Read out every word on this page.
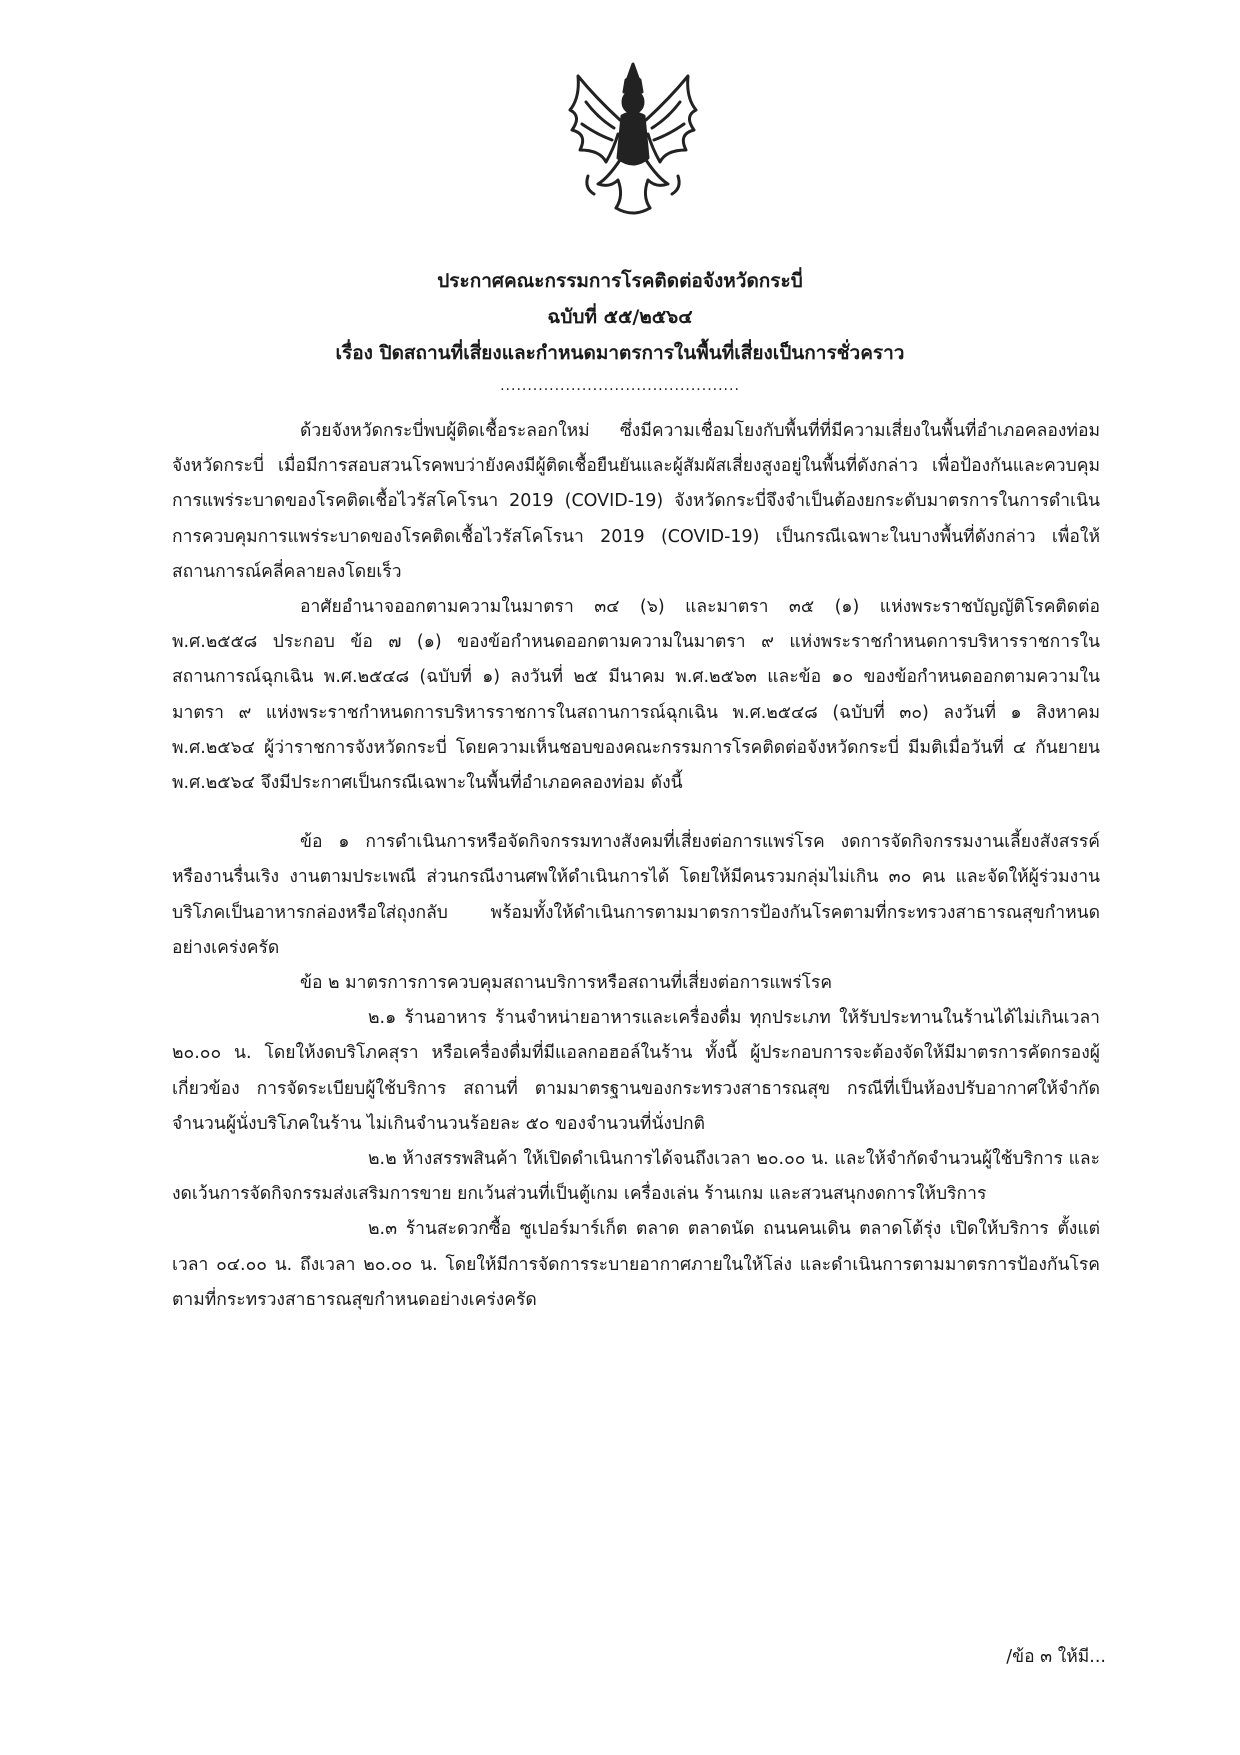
ประกาศคณะกรรมการโรคติดต่อจังหวัดกระบี่
ฉบับที่ ๕๕/๒๕๖๔
เรื่อง ปิดสถานที่เสี่ยงและกำหนดมาตรการในพื้นที่เสี่ยงเป็นการชั่วคราว
............................................

ด้วยจังหวัดกระบี่พบผู้ติดเชื้อระลอกใหม่ ซึ่งมีความเชื่อมโยงกับพื้นที่ที่มีความเสี่ยงในพื้นที่อำเภอคลองท่อม จังหวัดกระบี่ เมื่อมีการสอบสวนโรคพบว่ายังคงมีผู้ติดเชื้อยืนยันและผู้สัมผัสเสี่ยงสูงอยู่ในพื้นที่ดังกล่าว เพื่อป้องกันและควบคุมการแพร่ระบาดของโรคติดเชื้อไวรัสโคโรนา 2019 (COVID-19) จังหวัดกระบี่จึงจำเป็นต้องยกระดับมาตรการในการดำเนินการควบคุมการแพร่ระบาดของโรคติดเชื้อไวรัสโคโรนา 2019 (COVID-19) เป็นกรณีเฉพาะในบางพื้นที่ดังกล่าว เพื่อให้สถานการณ์คลี่คลายลงโดยเร็ว

อาศัยอำนาจออกตามความในมาตรา ๓๔ (๖) และมาตรา ๓๕ (๑) แห่งพระราชบัญญัติโรคติดต่อ พ.ศ.๒๕๕๘ ประกอบ ข้อ ๗ (๑) ของข้อกำหนดออกตามความในมาตรา ๙ แห่งพระราชกำหนดการบริหารราชการในสถานการณ์ฉุกเฉิน พ.ศ.๒๕๔๘ (ฉบับที่ ๑) ลงวันที่ ๒๕ มีนาคม พ.ศ.๒๕๖๓ และข้อ ๑๐ ของข้อกำหนดออกตามความในมาตรา ๙ แห่งพระราชกำหนดการบริหารราชการในสถานการณ์ฉุกเฉิน พ.ศ.๒๕๔๘ (ฉบับที่ ๓๐) ลงวันที่ ๑ สิงหาคม พ.ศ.๒๕๖๔ ผู้ว่าราชการจังหวัดกระบี่ โดยความเห็นชอบของคณะกรรมการโรคติดต่อจังหวัดกระบี่ มีมติเมื่อวันที่ ๔ กันยายน พ.ศ.๒๕๖๔ จึงมีประกาศเป็นกรณีเฉพาะในพื้นที่อำเภอคลองท่อม ดังนี้

ข้อ ๑ การดำเนินการหรือจัดกิจกรรมทางสังคมที่เสี่ยงต่อการแพร่โรค งดการจัดกิจกรรมงานเลี้ยงสังสรรค์ หรืองานรื่นเริง งานตามประเพณี ส่วนกรณีงานศพให้ดำเนินการได้ โดยให้มีคนรวมกลุ่มไม่เกิน ๓๐ คน และจัดให้ผู้ร่วมงานบริโภคเป็นอาหารกล่องหรือใส่ถุงกลับ พร้อมทั้งให้ดำเนินการตามมาตรการป้องกันโรคตามที่กระทรวงสาธารณสุขกำหนดอย่างเคร่งครัด

ข้อ ๒ มาตรการการควบคุมสถานบริการหรือสถานที่เสี่ยงต่อการแพร่โรค

๒.๑ ร้านอาหาร ร้านจำหน่ายอาหารและเครื่องดื่ม ทุกประเภท ให้รับประทานในร้านได้ไม่เกินเวลา ๒๐.๐๐ น. โดยให้งดบริโภคสุรา หรือเครื่องดื่มที่มีแอลกอฮอล์ในร้าน ทั้งนี้ ผู้ประกอบการจะต้องจัดให้มีมาตรการคัดกรองผู้เกี่ยวข้อง การจัดระเบียบผู้ใช้บริการ สถานที่ ตามมาตรฐานของกระทรวงสาธารณสุข กรณีที่เป็นห้องปรับอากาศให้จำกัดจำนวนผู้นั่งบริโภคในร้าน ไม่เกินจำนวนร้อยละ ๕๐ ของจำนวนที่นั่งปกติ

๒.๒ ห้างสรรพสินค้า ให้เปิดดำเนินการได้จนถึงเวลา ๒๐.๐๐ น. และให้จำกัดจำนวนผู้ใช้บริการ และงดเว้นการจัดกิจกรรมส่งเสริมการขาย ยกเว้นส่วนที่เป็นตู้เกม เครื่องเล่น ร้านเกม และสวนสนุกงดการให้บริการ

๒.๓ ร้านสะดวกซื้อ ซูเปอร์มาร์เก็ต ตลาด ตลาดนัด ถนนคนเดิน ตลาดโต้รุ่ง เปิดให้บริการ ตั้งแต่เวลา ๐๔.๐๐ น. ถึงเวลา ๒๐.๐๐ น. โดยให้มีการจัดการระบายอากาศภายในให้โล่ง และดำเนินการตามมาตรการป้องกันโรคตามที่กระทรวงสาธารณสุขกำหนดอย่างเคร่งครัด

/ข้อ ๓ ให้มี...
